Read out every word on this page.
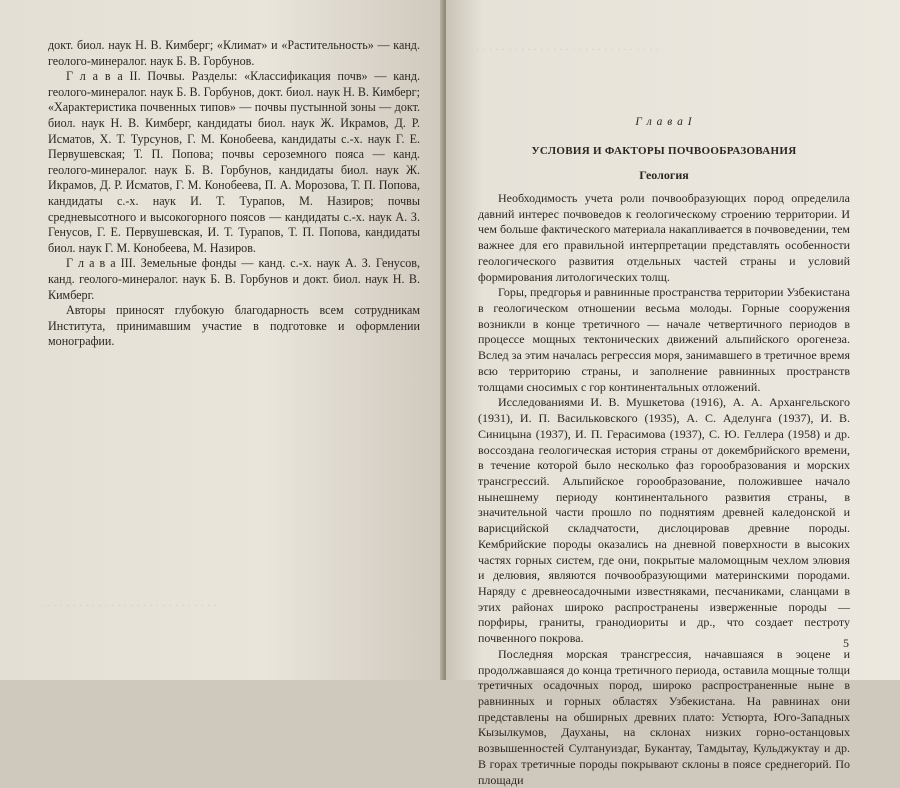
· · · · · · · · · · · · · · · · · · · · · · · · · · · ·
· · · · · · · · · · · · · · · · · · · · · · · · · · · · ·

докт. биол. наук Н. В. Кимберг; «Климат» и «Растительность» — канд. геолого-минералог. наук Б. В. Горбунов.

Г л а в а II. Почвы. Разделы: «Классификация почв» — канд. геолого-минералог. наук Б. В. Горбунов, докт. биол. наук Н. В. Кимберг; «Характеристика почвенных типов» — почвы пустынной зоны — докт. биол. наук Н. В. Кимберг, кандидаты биол. наук Ж. Икрамов, Д. Р. Исматов, Х. Т. Турсунов, Г. М. Конобеева, кандидаты с.-х. наук Г. Е. Первушевская; Т. П. Попова; почвы сероземного пояса — канд. геолого-минералог. наук Б. В. Горбунов, кандидаты биол. наук Ж. Икрамов, Д. Р. Исматов, Г. М. Конобеева, П. А. Морозова, Т. П. Попова, кандидаты с.-х. наук И. Т. Турапов, М. Назиров; почвы средневысотного и высокогорного поясов — кандидаты с.-х. наук А. З. Генусов, Г. Е. Первушевская, И. Т. Турапов, Т. П. Попова, кандидаты биол. наук Г. М. Конобеева, М. Назиров.

Г л а в а III. Земельные фонды — канд. с.-х. наук А. З. Генусов, канд. геолого-минералог. наук Б. В. Горбунов и докт. биол. наук Н. В. Кимберг.

Авторы приносят глубокую благодарность всем сотрудникам Института, принимавшим участие в подготовке и оформлении монографии.

Г л а в а I
УСЛОВИЯ И ФАКТОРЫ ПОЧВООБРАЗОВАНИЯ
Геология

Необходимость учета роли почвообразующих пород определила давний интерес почвоведов к геологическому строению территории. И чем больше фактического материала накапливается в почвоведении, тем важнее для его правильной интерпретации представлять особенности геологического развития отдельных частей страны и условий формирования литологических толщ.

Горы, предгорья и равнинные пространства территории Узбекистана в геологическом отношении весьма молоды. Горные сооружения возникли в конце третичного — начале четвертичного периодов в процессе мощных тектонических движений альпийского орогенеза. Вслед за этим началась регрессия моря, занимавшего в третичное время всю территорию страны, и заполнение равнинных пространств толщами сносимых с гор континентальных отложений.

Исследованиями И. В. Мушкетова (1916), А. А. Архангельского (1931), И. П. Васильковского (1935), А. С. Аделунга (1937), И. В. Синицына (1937), И. П. Герасимова (1937), С. Ю. Геллера (1958) и др. воссоздана геологическая история страны от докембрийского времени, в течение которой было несколько фаз горообразования и морских трансгрессий. Альпийское горообразование, положившее начало нынешнему периоду континентального развития страны, в значительной части прошло по поднятиям древней каледонской и варисцийской складчатости, дислоцировав древние породы. Кембрийские породы оказались на дневной поверхности в высоких частях горных систем, где они, покрытые маломощным чехлом элювия и делювия, являются почвообразующими материнскими породами. Наряду с древнеосадочными известняками, песчаниками, сланцами в этих районах широко распространены изверженные породы — порфиры, граниты, гранодиориты и др., что создает пестроту почвенного покрова.

Последняя морская трансгрессия, начавшаяся в эоцене и продолжавшаяся до конца третичного периода, оставила мощные толщи третичных осадочных пород, широко распространенные ныне в равнинных и горных областях Узбекистана. На равнинах они представлены на обширных древних плато: Устюрта, Юго-Западных Кызылкумов, Дауханы, на склонах низких горно-останцовых возвышенностей Султануиздаг, Букантау, Тамдытау, Кульджуктау и др. В горах третичные породы покрывают склоны в поясе среднегорий. По площади

5
